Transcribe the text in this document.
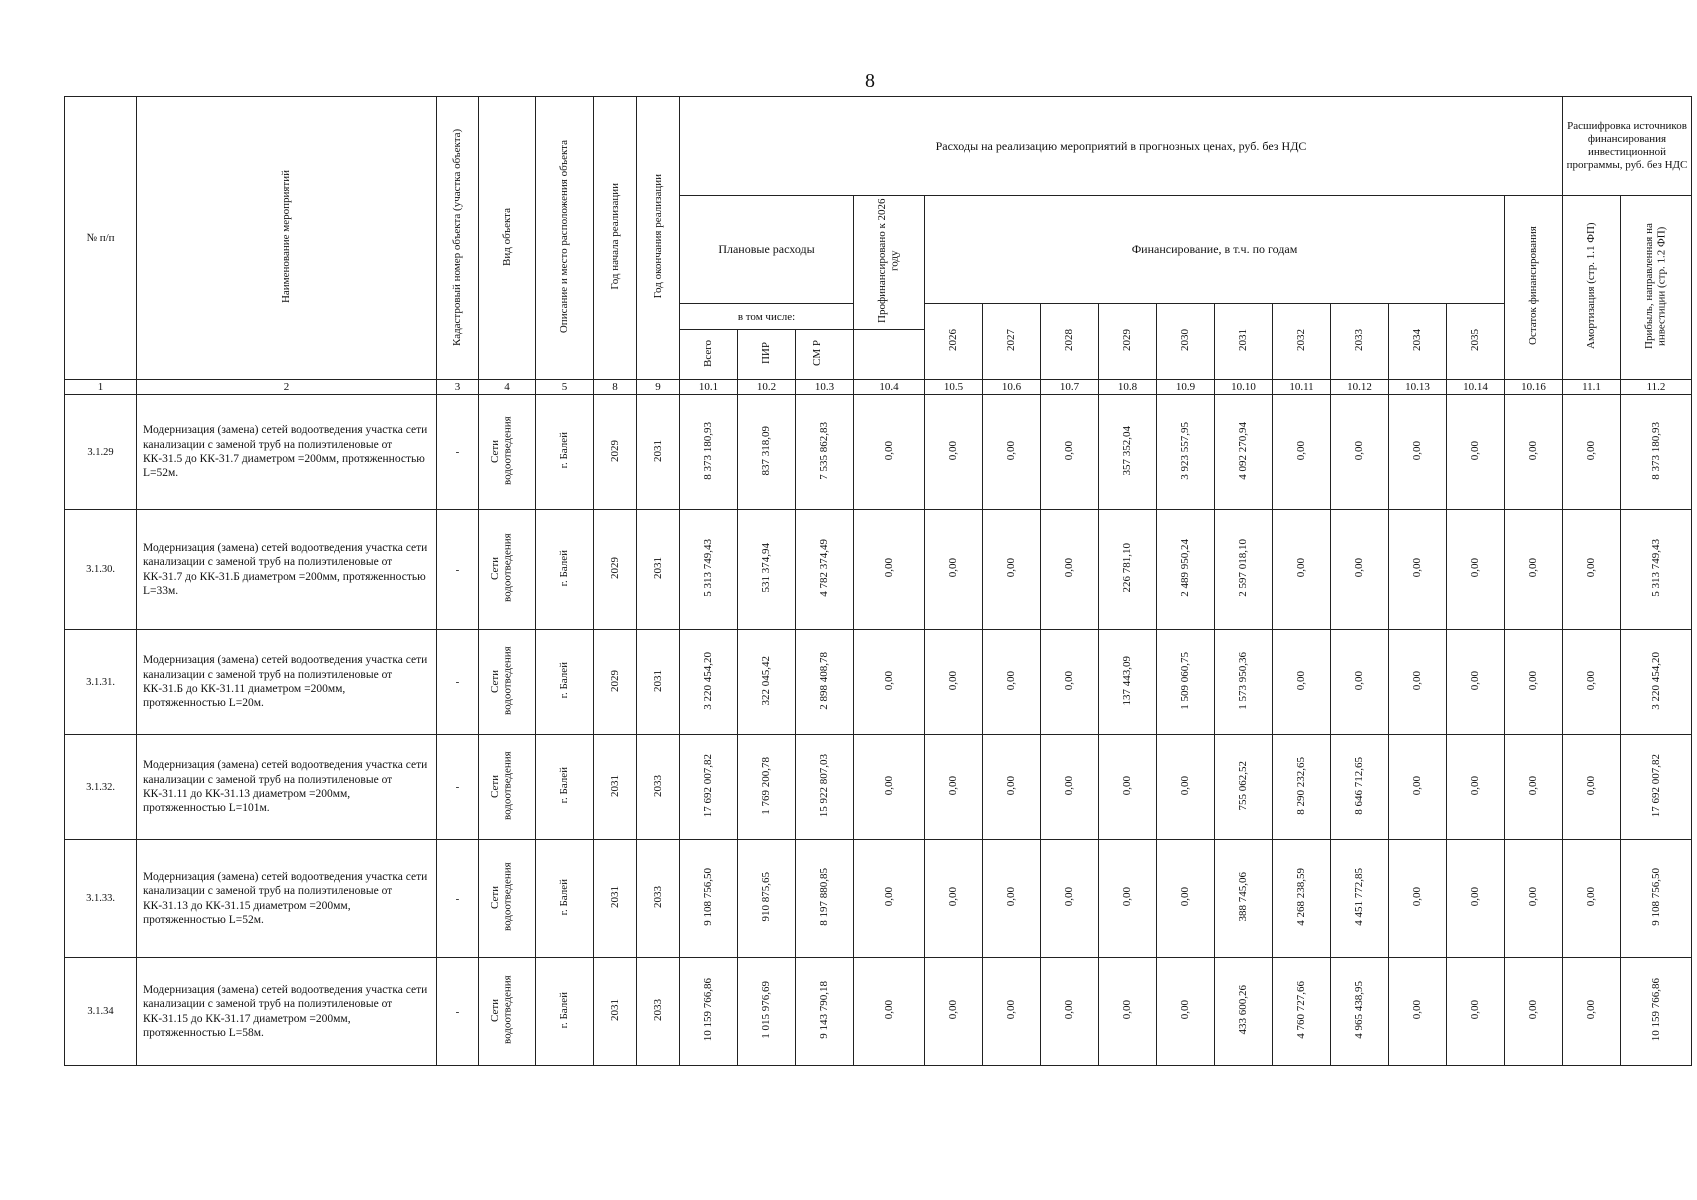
8
№ п/п	Наименование мероприятий	Кадастровый номер объекта (участка объекта)	Вид объекта	Описание и место расположения объекта	Год начала реализации	Год окончания реализации	Расходы на реализацию мероприятий в прогнозных ценах, руб. без НДС															Расшифровка источников финансирования инвестиционной программы, руб. без НДС	
							Плановые расходы			Профинансировано к 2026 году	Финансирование, в т.ч. по годам										Остаток финансирования	Амортизация (стр. 1.1 ФП)	Прибыль, направленная на инвестиции (стр. 1.2 ФП)
							в том числе:				2026	2027	2028	2029	2030	2031	2032	2033	2034	2035			
							Всего	ПИР	СМ Р														
1	2	3	4	5	8	9	10.1	10.2	10.3	10.4	10.5	10.6	10.7	10.8	10.9	10.10	10.11	10.12	10.13	10.14	10.16	11.1	11.2
3.1.29	Модернизация (замена) сетей водоотведения участка сети канализации с заменой труб на полиэтиленовые от КК-31.5 до КК-31.7 диаметром =200мм, протяженностью L=52м.	-	Сети водоотведения	г. Балей	2029	2031	8 373 180,93	837 318,09	7 535 862,83	0,00	0,00	0,00	0,00	357 352,04	3 923 557,95	4 092 270,94	0,00	0,00	0,00	0,00	0,00	0,00	8 373 180,93
3.1.30.	Модернизация (замена) сетей водоотведения участка сети канализации с заменой труб на полиэтиленовые от КК-31.7 до КК-31.Б диаметром =200мм, протяженностью L=33м.	-	Сети водоотведения	г. Балей	2029	2031	5 313 749,43	531 374,94	4 782 374,49	0,00	0,00	0,00	0,00	226 781,10	2 489 950,24	2 597 018,10	0,00	0,00	0,00	0,00	0,00	0,00	5 313 749,43
3.1.31.	Модернизация (замена) сетей водоотведения участка сети канализации с заменой труб на полиэтиленовые от КК-31.Б до КК-31.11 диаметром =200мм, протяженностью L=20м.	-	Сети водоотведения	г. Балей	2029	2031	3 220 454,20	322 045,42	2 898 408,78	0,00	0,00	0,00	0,00	137 443,09	1 509 060,75	1 573 950,36	0,00	0,00	0,00	0,00	0,00	0,00	3 220 454,20
3.1.32.	Модернизация (замена) сетей водоотведения участка сети канализации с заменой труб на полиэтиленовые от КК-31.11 до КК-31.13 диаметром =200мм, протяженностью L=101м.	-	Сети водоотведения	г. Балей	2031	2033	17 692 007,82	1 769 200,78	15 922 807,03	0,00	0,00	0,00	0,00	0,00	0,00	755 062,52	8 290 232,65	8 646 712,65	0,00	0,00	0,00	0,00	17 692 007,82
3.1.33.	Модернизация (замена) сетей водоотведения участка сети канализации с заменой труб на полиэтиленовые от КК-31.13 до КК-31.15 диаметром =200мм, протяженностью L=52м.	-	Сети водоотведения	г. Балей	2031	2033	9 108 756,50	910 875,65	8 197 880,85	0,00	0,00	0,00	0,00	0,00	0,00	388 745,06	4 268 238,59	4 451 772,85	0,00	0,00	0,00	0,00	9 108 756,50
3.1.34	Модернизация (замена) сетей водоотведения участка сети канализации с заменой труб на полиэтиленовые от КК-31.15 до КК-31.17 диаметром =200мм, протяженностью L=58м.	-	Сети водоотведения	г. Балей	2031	2033	10 159 766,86	1 015 976,69	9 143 790,18	0,00	0,00	0,00	0,00	0,00	0,00	433 600,26	4 760 727,66	4 965 438,95	0,00	0,00	0,00	0,00	10 159 766,86
